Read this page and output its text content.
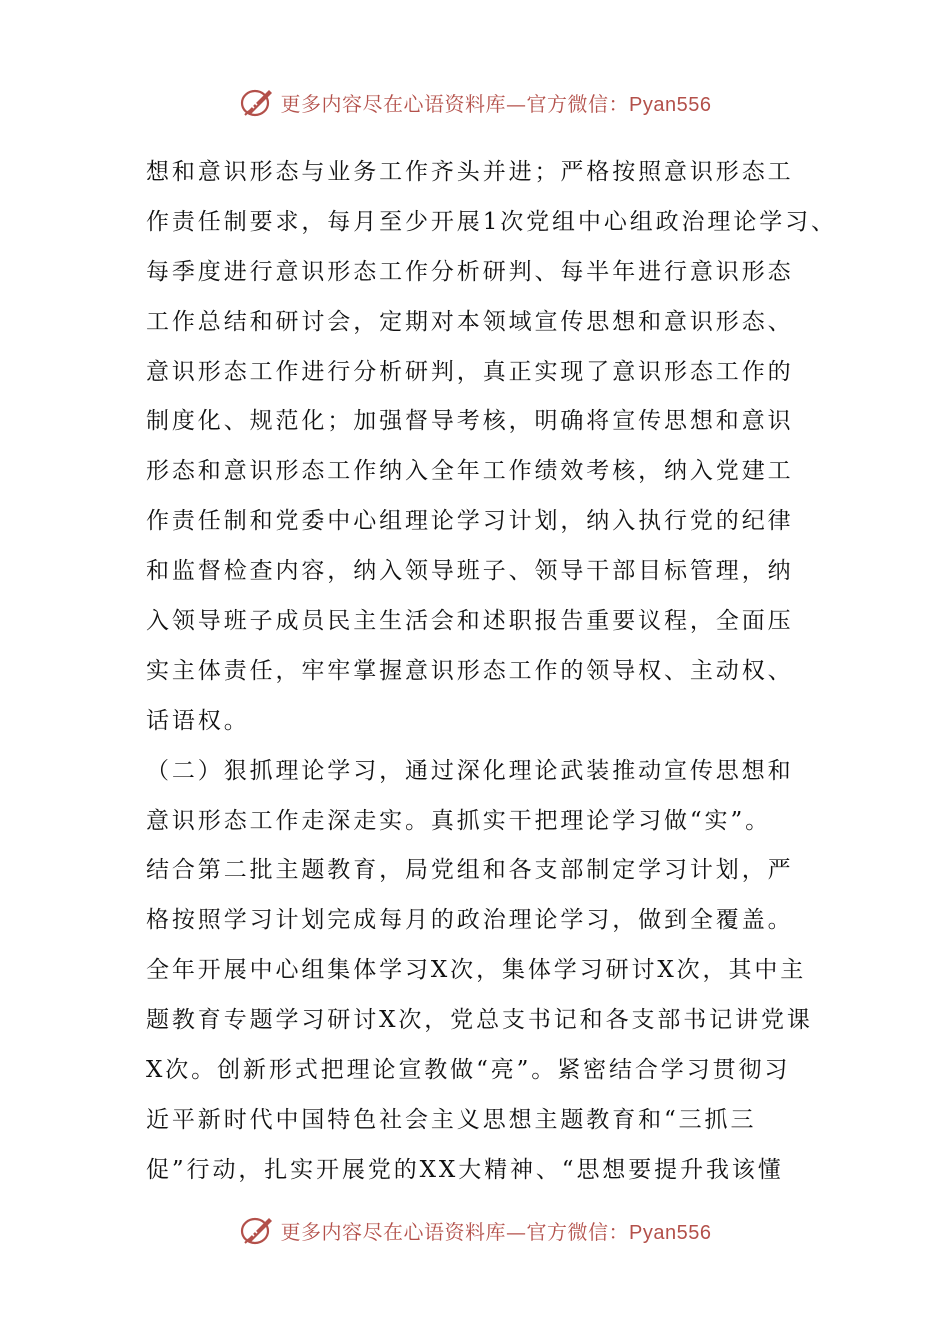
更多内容尽在心语资料库—官方微信：Pyan556
想和意识形态与业务工作齐头并进；严格按照意识形态工
作责任制要求，每月至少开展1次党组中心组政治理论学习、
每季度进行意识形态工作分析研判、每半年进行意识形态
工作总结和研讨会，定期对本领域宣传思想和意识形态、
意识形态工作进行分析研判，真正实现了意识形态工作的
制度化、规范化；加强督导考核，明确将宣传思想和意识
形态和意识形态工作纳入全年工作绩效考核，纳入党建工
作责任制和党委中心组理论学习计划，纳入执行党的纪律
和监督检查内容，纳入领导班子、领导干部目标管理，纳
入领导班子成员民主生活会和述职报告重要议程，全面压
实主体责任，牢牢掌握意识形态工作的领导权、主动权、
话语权。
（二）狠抓理论学习，通过深化理论武装推动宣传思想和
意识形态工作走深走实。真抓实干把理论学习做“实”。
结合第二批主题教育，局党组和各支部制定学习计划，严
格按照学习计划完成每月的政治理论学习，做到全覆盖。
全年开展中心组集体学习X次，集体学习研讨X次，其中主
题教育专题学习研讨X次，党总支书记和各支部书记讲党课
X次。创新形式把理论宣教做“亮”。紧密结合学习贯彻习
近平新时代中国特色社会主义思想主题教育和“三抓三
促”行动，扎实开展党的XX大精神、“思想要提升我该懂
更多内容尽在心语资料库—官方微信：Pyan556
